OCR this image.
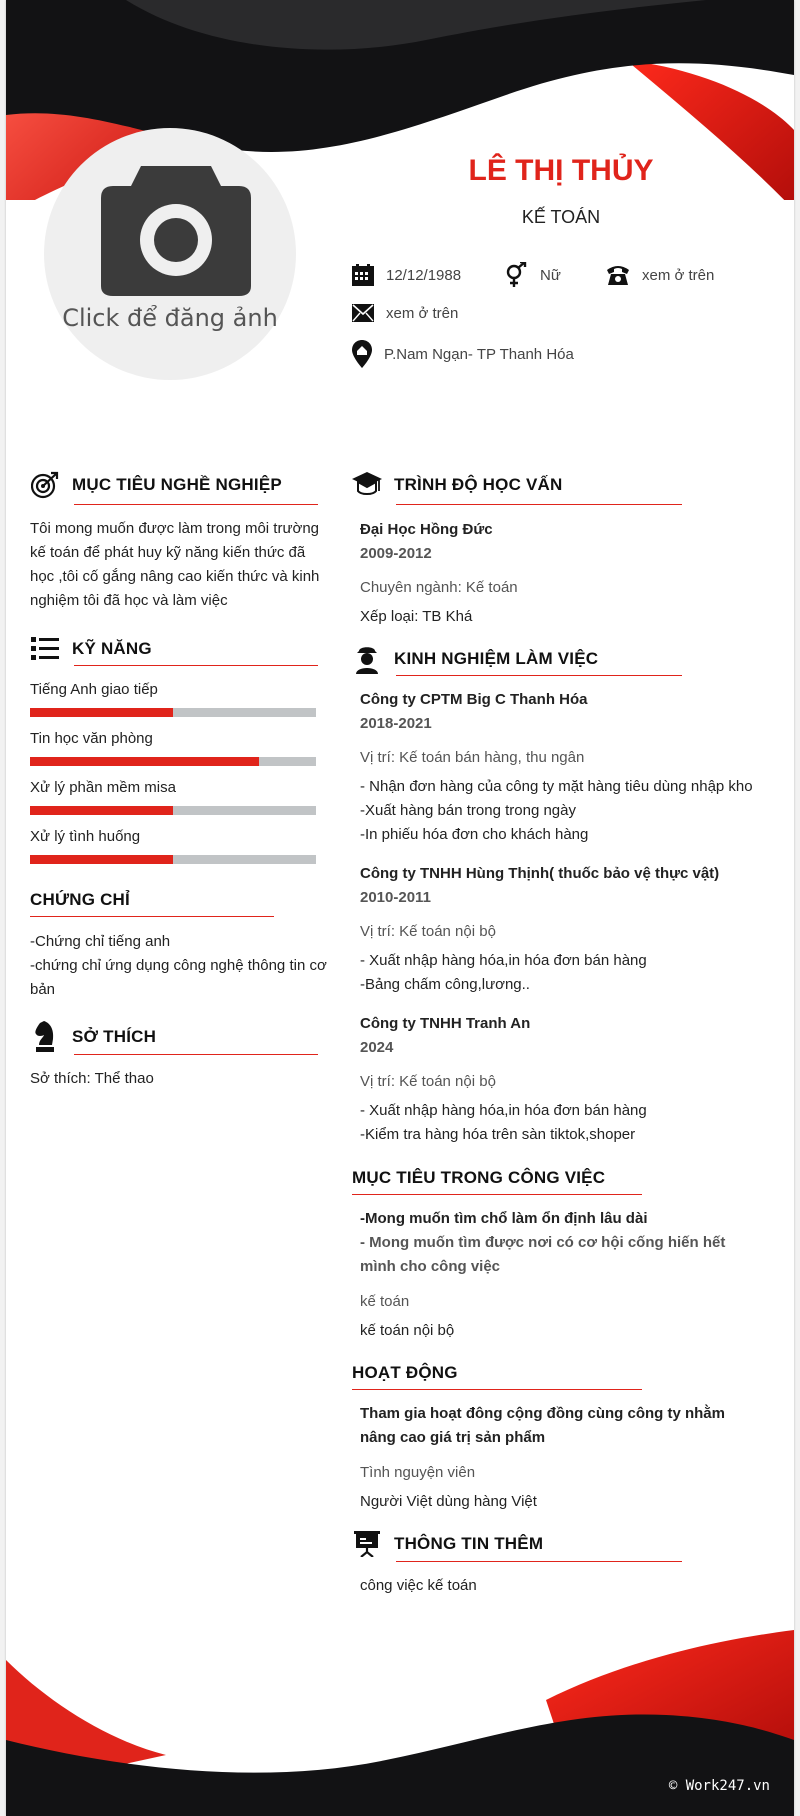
© Work247.vn
Click để đăng ảnh
LÊ THỊ THỦY
KẾ TOÁN
12/12/1988	Nữ	xem ở trên
xem ở trên
P.Nam Ngạn- TP Thanh Hóa
MỤC TIÊU NGHỀ NGHIỆP
Tôi mong muốn được làm trong môi trường
kế toán để phát huy kỹ năng kiến thức đã
học ,tôi cố gắng nâng cao kiến thức và kinh
nghiệm tôi đã học và làm việc
KỸ NĂNG
Tiếng Anh giao tiếp
Tin học văn phòng
Xử lý phần mềm misa
Xử lý tình huống
CHỨNG CHỈ
-Chứng chỉ tiếng anh
-chứng chỉ ứng dụng công nghệ thông tin cơ
bản
SỞ THÍCH
Sở thích: Thể thao
TRÌNH ĐỘ HỌC VẤN
Đại Học Hồng Đức
2009-2012
Chuyên ngành: Kế toán
Xếp loại: TB Khá
KINH NGHIỆM LÀM VIỆC
Công ty CPTM Big C Thanh Hóa
2018-2021
Vị trí: Kế toán bán hàng, thu ngân
- Nhận đơn hàng của công ty mặt hàng tiêu dùng nhập kho
-Xuất hàng bán trong trong ngày
-In phiếu hóa đơn cho khách hàng
Công ty TNHH Hùng Thịnh( thuốc bảo vệ thực vật)
2010-2011
Vị trí: Kế toán nội bộ
- Xuất nhập hàng hóa,in hóa đơn bán hàng
-Bảng chấm công,lương..
Công ty TNHH Tranh An
2024
Vị trí: Kế toán nội bộ
- Xuất nhập hàng hóa,in hóa đơn bán hàng
-Kiểm tra hàng hóa trên sàn tiktok,shoper
MỤC TIÊU TRONG CÔNG VIỆC
-Mong muốn tìm chổ làm ổn định lâu dài
- Mong muốn tìm được nơi có cơ hội cống hiến hết
mình cho công việc
kế toán
kế toán nội bộ
HOẠT ĐỘNG
Tham gia hoạt đông cộng đồng cùng công ty nhằm
nâng cao giá trị sản phẩm
Tình nguyện viên
Người Việt dùng hàng Việt
THÔNG TIN THÊM
công việc kế toán
